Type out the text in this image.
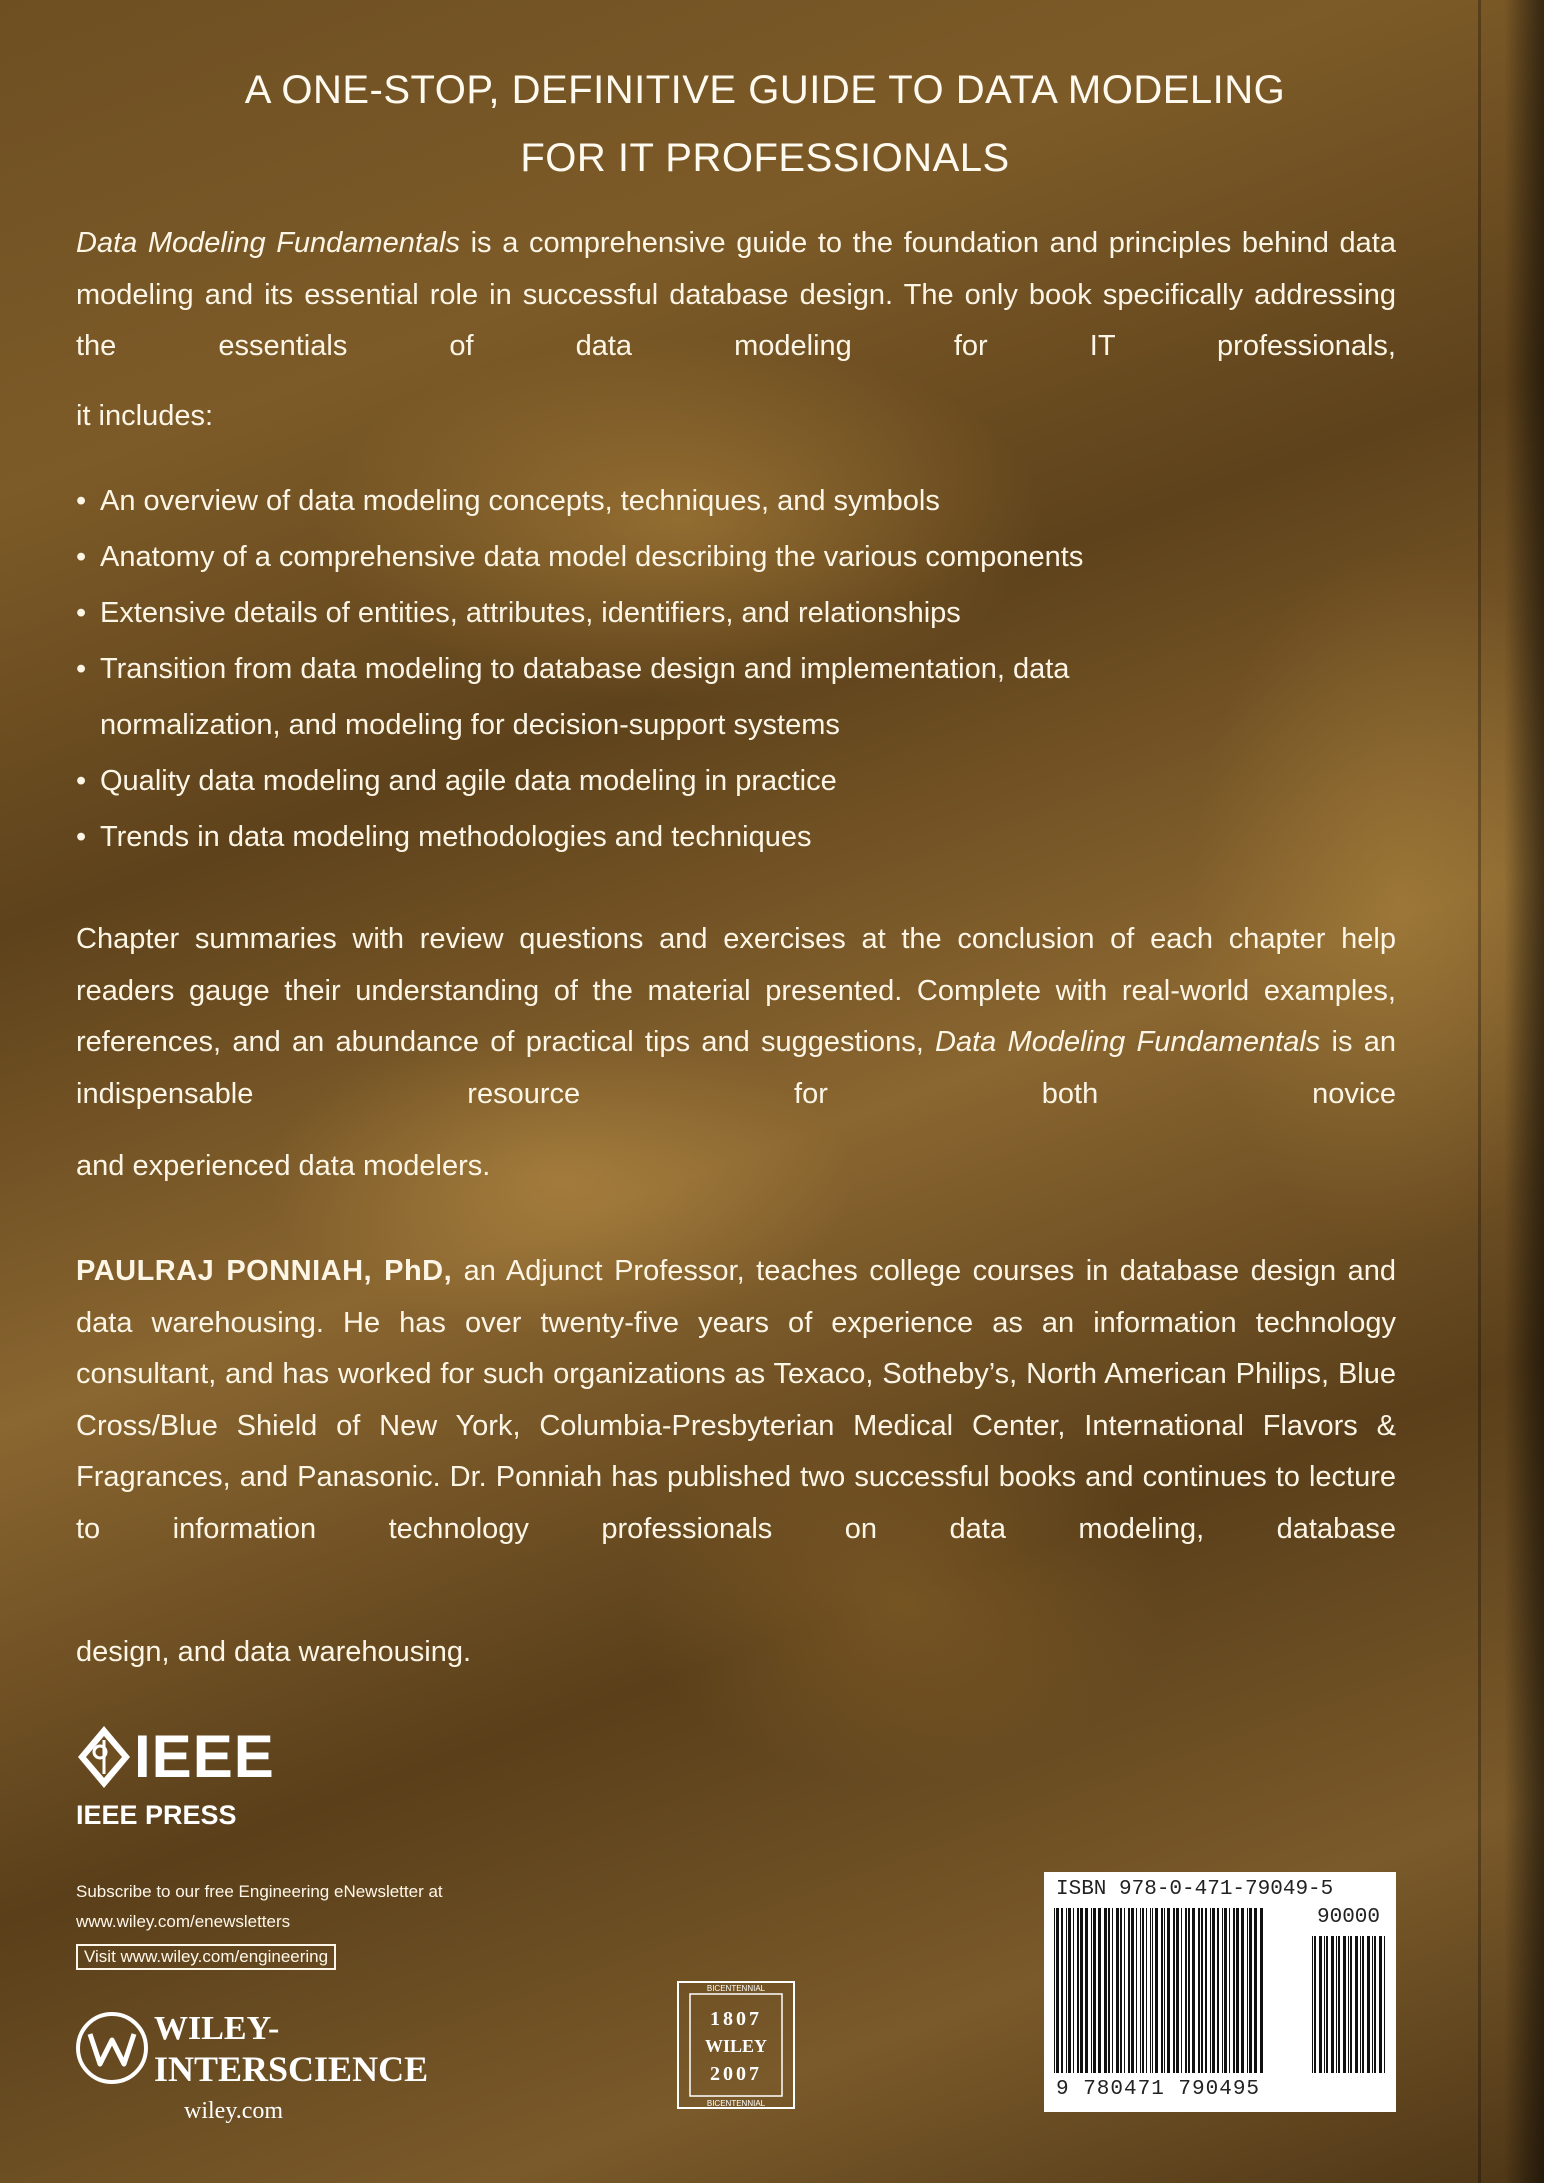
A ONE-STOP, DEFINITIVE GUIDE TO DATA MODELING
FOR IT PROFESSIONALS

Data Modeling Fundamentals is a comprehensive guide to the foundation and principles behind data modeling and its essential role in successful database design. The only book specifically addressing the essentials of data modeling for IT professionals,

it includes:
• An overview of data modeling concepts, techniques, and symbols
• Anatomy of a comprehensive data model describing the various components
• Extensive details of entities, attributes, identifiers, and relationships
• Transition from data modeling to database design and implementation, data
normalization, and modeling for decision-support systems
• Quality data modeling and agile data modeling in practice
• Trends in data modeling methodologies and techniques

Chapter summaries with review questions and exercises at the conclusion of each chapter help readers gauge their understanding of the material presented. Complete with real-world examples, references, and an abundance of practical tips and suggestions, Data Modeling Fundamentals is an indispensable resource for both novice

and experienced data modelers.

PAULRAJ PONNIAH, PhD, an Adjunct Professor, teaches college courses in database design and data warehousing. He has over twenty-five years of experience as an information technology consultant, and has worked for such organizations as Texaco, Sotheby’s, North American Philips, Blue Cross/Blue Shield of New York, Columbia-Presbyterian Medical Center, International Flavors & Fragrances, and Panasonic. Dr. Ponniah has published two successful books and continues to lecture to information technology professionals on data modeling, database

design, and data warehousing.
IEEE
IEEE PRESS
Subscribe to our free Engineering eNewsletter at
www.wiley.com/enewsletters
Visit www.wiley.com/engineering
WILEY-
INTERSCIENCE
wiley.com
BICENTENNIAL
1807
WILEY
2007
BICENTENNIAL
ISBN 978-0-471-79049-5
90000
9 780471 790495
